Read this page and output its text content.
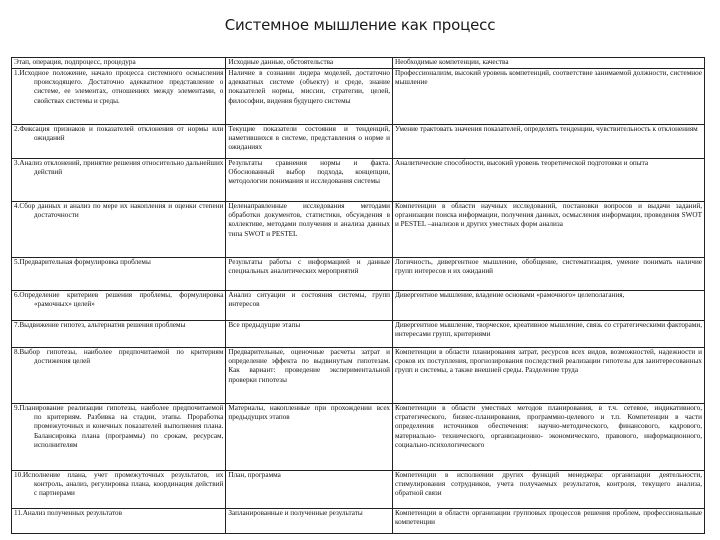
Системное мышление как процесс
Этап, операция, подпроцесс, процедура	Исходные данные, обстоятельства	Необходимые компетенции, качества
1.Исходное положение, начало процесса системного осмысления происходящего. Достаточно адекватное представление о системе, ее элементах, отношениях между элементами, о свойствах системы и среды.	Наличие в сознании лидера моделей, достаточно адекватных системе (объекту) и среде, знание показателей нормы, миссии, стратегии, целей, философии, видения будущего системы	Профессионализм, высокий уровень компетенций, соответствие занимаемой должности, системное мышление
2.Фиксация признаков и показателей отклонения от нормы или ожиданий	Текущие показатели состояния и тенденций, наметившихся в системе, представления о норме и ожиданиях	Умение трактовать значения показателей, определять тенденции, чувствительность к отклонениям
3.Анализ отклонений, принятие решения относительно дальнейших действий	Результаты сравнения нормы и факта. Обоснованный выбор подхода, концепции, методологии понимания и исследования системы	Аналитические способности, высокий уровень теоретической подготовки и опыта
4.Сбор данных и анализ по мере их накопления и оценки степени достаточности	Целенаправленные исследования методами обработки документов, статистики, обсуждения в коллективе, методами получения и анализа данных типа SWOT и PESTEL	Компетенции в области научных исследований, постановки вопросов и выдачи заданий, организации поиска информации, получения данных, осмысления информации, проведения SWOT и PESTEL –анализов и других уместных форм анализа
5.Предварительная формулировка проблемы	Результаты работы с информацией и данные специальных аналитических мероприятий	Логичность, дивергентное мышление, обобщение, систематизация, умение понимать наличие групп интересов и их ожиданий
6.Определение критериев решения проблемы, формулировка «рамочных» целей»	Анализ ситуации и состояния системы, групп интересов	Дивергентное мышление, владение основами «рамочного» целеполагания,
7.Выдвижение гипотез, альтернатив решения проблемы	Все предыдущие этапы	Дивергентное мышление, творческое, креативное мышление, связь со стратегическими факторами, интересами групп, критериями
8.Выбор гипотезы, наиболее предпочитаемой по критериям достижения целей	Предварительные, оценочные расчеты затрат и определение эффекта по выдвинутым гипотезам. Как вариант: проведение экспериментальной проверки гипотезы	Компетенции в области планирования затрат, ресурсов всех видов, возможностей, надежности и сроков их поступления, прогнозирования последствий реализации гипотезы для заинтересованных групп и системы, а также внешней среды. Разделение труда
9.Планирование реализации гипотезы, наиболее предпочитаемой по критериям. Разбивка на стадии, этапы. Проработка промежуточных и конечных показателей выполнения плана. Балансировка плана (программы) по срокам, ресурсам, исполнителям	Материалы, накопленные при прохождении всех предыдущих этапов	Компетенции в области уместных методов планирования, в т.ч. сетевое, индикативного, стратегического, бизнес-планирования, программно-целевого и т.п. Компетенции в части определения источников обеспечения: научно-методического, финансового, кадрового, материально- технического, организационно- экономического, правового, информационного, социально-психологического
10.Исполнение плана, учет промежуточных результатов, их контроль, анализ, регулировка плана, координация действий с партнерами	План, программа	Компетенции в исполнении других функций менеджера: организации деятельности, стимулирования сотрудников, учета получаемых результатов, контроля, текущего анализа, обратной связи
11.Анализ полученных результатов	Запланированные и полученные результаты	Компетенции в области организации групповых процессов решения проблем, профессиональные компетенции
